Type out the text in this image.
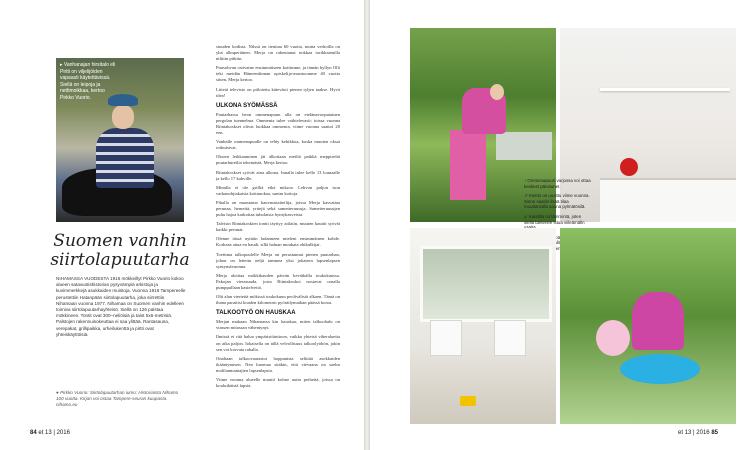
▸ Vanhanajan hirsitalo eli Pirtti on viljelijöiden vapaasti käytettävissä. Siellä on leipoja ja nettimoikkaa, kertoo Pirkko Vuorio.
Suomen vanhin
siirtolapuutarha
NIHAMASSA VUODESTA 1916 mökkeillyt Pirkko Vuorio kokoo alueen satavuotishistorian pysyvämpiä arkistoja ja kuvimmerkkejä asukkaiden muistoja. Vuonna 1916 Tampereelle perustettiin Hatanpään siirtolapuutarha, joka siirrettiin Nihamaan vuonna 1977. Nihamaa on Suomen vanhin edelleen toimiva siirtolapuutarhayhteisö. Siellä on 126 palstaa mökkineen. Tontit ovat 300–neliöisiä ja talot 5x6-metrisiä. Palstojen rakennuisokeuttaa ei saa ylittää. Rantasauna, verepakat, grillipaikka, urheilukenttä ja pirtti ovat yhteiskäyttöisiä.
● Pirkko Vuorio: Siirtolapuutarhan iumo: Historiaista Nihamo 100 vuotta. Kirjan voi ostaa Tampere-seuran kuupasta. nihamo.eu

siuuden kodista. Nilssä on tieuttaa 60 vuotta, mutta verhoilla on yhä alkuperäinen. Merja on rakentanut nokkaa tortkkaamilla nilttiin pitkiin.

Puusohvan ostivatne ensimmäiseen kottimme, ja tämän hyllyn Olli teki meidän Hämeenlinnan opiskelija-asuntoomme 40 vuotta sitten, Merja kertoo.

Liitetä televisio on piilotettu kätevästi pienen tyljen taakse. Hyvä idea!

ULKONA SYÖMÄSSÄ

Puutarhassa heon ommenapuun alla on etelänavoopaiainen pergolan tuennelma. Ommenia tulee vaihtelevasti: toissa vuonna Riintakoskset olivat luokkaa ommenia, viime vuonna saattoi 20 een.

Vanhalle ommenapuulle on tehty kehikkoa, koska muuten oksat rotkuisivat.

Oksien leikkaaminen jäi alkoitaan meiltä paikkä meppiseltä puutarhureilta tekemästä, Merja kertoo.

Riintakoskset syövät aina ulkona. Innalla tulee kello 13 lounaalle ja kello 17 kahville.

Minulla ei ole grilliä eikä mikroa. Lehvon paljon ison varkanohjiakaista kottuuokaa, sanim kottoja.

Pihalla on maastamo kauvnustaiteilija, joissa Merja kasvattaa perunaa, herneitä, yrttejä sekä sametteruusuja. Sametteruusujen puhu hajoa karkottaa tuholaisia hyntykasveista.

Talvisin Riintakoskien tontti täyttyy aitlaiin, muuten kauttit syövät kaikki perunat.

Olenne tässä nyttäin ladanneen mieleni ensimmäinen kohde. Korkeaa aitaa en haudi, sillä haluan muukata ohikulkijat.

Toettima talkopuolelle Merja on perustannut pienen puutarhan, johon on leitettu neljä tammea yksi jokaisen lapsenlapsen syntymävuonna.

Merja aloittaa mökkikauden päivän kevätkälla toukokuussa. Pakojan vierasuuda, josta Riintakoskot nostavat ornalla pumppullaan kastelvettä.

Olti alan vierteitä mökissä toukokuun peolivälistä alkaen. Tämä on ihana paratiisi koaden kilometrin pyöräilymatkan päässä kotoa.

TALKOOTYÖ ON HAUSKAA

Merjan mukaan Nihamassa kin hauskaa, miten talkoohalu on viassen mitassan vähentynyt.

Ilmissä ei ritä halua ympäristöinitoon, vaikka yhteisä viheralueita on aika paljon. Iokaisella on tällä velvollisuus talkoolyöhön, jokin sen voi korvata rahalla.

Onaltaan talkoovaarastoi hoppanista selittää asokkaiden ikääntymisen. Nen huomaa sitäkin, että vievaana on saelm molilanmantajien lapsenlapsia.

Viime vuonna alueelle muutti kolme uutta perhettä, joissa on kouluikäisiä lapsia.

84 et 13 | 2016

↑ Ommenapuun varjossa voi ottaa keskeet päiväunet.

↗ Kiettiö on uusittu viime vuonna. Sinne saatiin lisää tilaa muuttamalla sauna pylmätösilä.

↙ Kuistilla on lämmintä, joten siellä tarkenee istua viileämälln

et 13 | 2016 85
